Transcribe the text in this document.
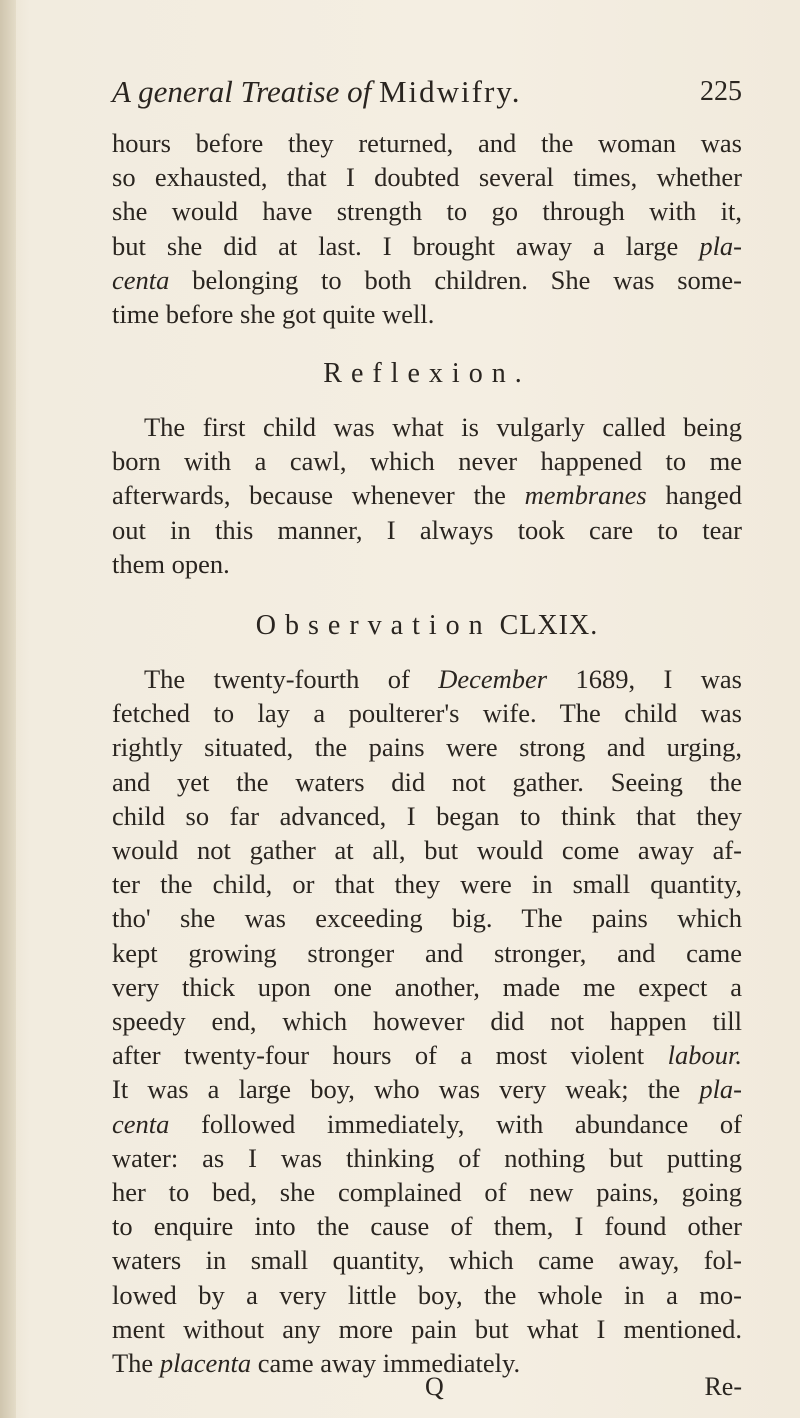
A general Treatise of Midwifry.	225
hours before they returned, and the woman was
so exhausted, that I doubted several times, whether
she would have strength to go through with it,
but she did at last. I brought away a large pla-
centa belonging to both children. She was some-
time before she got quite well.
Reflexion.
The first child was what is vulgarly called being
born with a cawl, which never happened to me
afterwards, because whenever the membranes hanged
out in this manner, I always took care to tear
them open.
Observation CLXIX.
The twenty-fourth of December 1689, I was
fetched to lay a poulterer's wife. The child was
rightly situated, the pains were strong and urging,
and yet the waters did not gather. Seeing the
child so far advanced, I began to think that they
would not gather at all, but would come away af-
ter the child, or that they were in small quantity,
tho' she was exceeding big. The pains which
kept growing stronger and stronger, and came
very thick upon one another, made me expect a
speedy end, which however did not happen till
after twenty-four hours of a most violent labour.
It was a large boy, who was very weak; the pla-
centa followed immediately, with abundance of
water: as I was thinking of nothing but putting
her to bed, she complained of new pains, going
to enquire into the cause of them, I found other
waters in small quantity, which came away, fol-
lowed by a very little boy, the whole in a mo-
ment without any more pain but what I mentioned.
The placenta came away immediately.
Q	Re-
